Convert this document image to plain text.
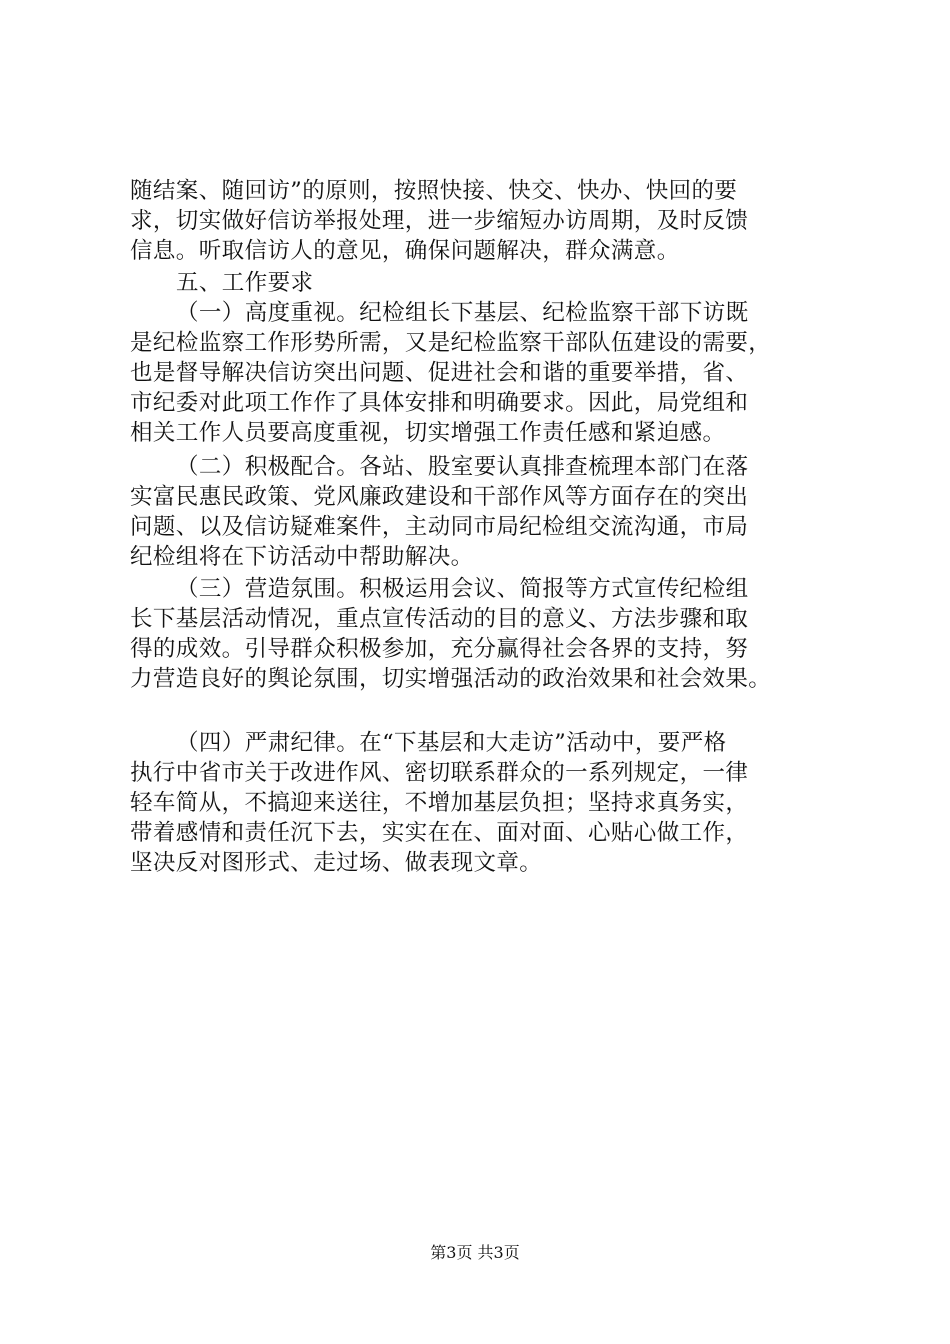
随结案、随回访”的原则，按照快接、快交、快办、快回的要
求，切实做好信访举报处理，进一步缩短办访周期，及时反馈
信息。听取信访人的意见，确保问题解决，群众满意。
五、工作要求
（一）高度重视。纪检组长下基层、纪检监察干部下访既
是纪检监察工作形势所需，又是纪检监察干部队伍建设的需要，
也是督导解决信访突出问题、促进社会和谐的重要举措，省、
市纪委对此项工作作了具体安排和明确要求。因此，局党组和
相关工作人员要高度重视，切实增强工作责任感和紧迫感。
（二）积极配合。各站、股室要认真排查梳理本部门在落
实富民惠民政策、党风廉政建设和干部作风等方面存在的突出
问题、以及信访疑难案件，主动同市局纪检组交流沟通，市局
纪检组将在下访活动中帮助解决。
（三）营造氛围。积极运用会议、简报等方式宣传纪检组
长下基层活动情况，重点宣传活动的目的意义、方法步骤和取
得的成效。引导群众积极参加，充分赢得社会各界的支持，努
力营造良好的舆论氛围，切实增强活动的政治效果和社会效果。
（四）严肃纪律。在“下基层和大走访”活动中，要严格
执行中省市关于改进作风、密切联系群众的一系列规定，一律
轻车简从，不搞迎来送往，不增加基层负担；坚持求真务实，
带着感情和责任沉下去，实实在在、面对面、心贴心做工作，
坚决反对图形式、走过场、做表现文章。
第3页 共3页
